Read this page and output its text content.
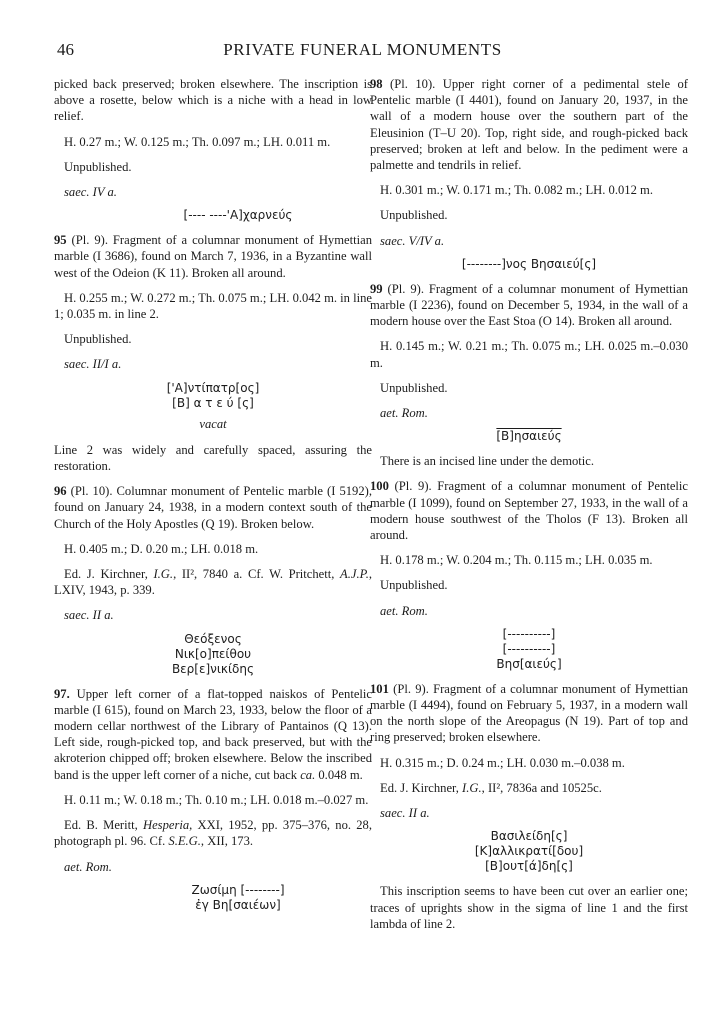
46	PRIVATE FUNERAL MONUMENTS

picked back preserved; broken elsewhere. The inscription is above a rosette, below which is a niche with a head in low relief.

H. 0.27 m.; W. 0.125 m.; Th. 0.097 m.; LH. 0.011 m.

Unpublished.

saec. IV a.
[---- ----'Α]χαρνεύς

95 (Pl. 9). Fragment of a columnar monument of Hymettian marble (I 3686), found on March 7, 1936, in a Byzantine wall west of the Odeion (K 11). Broken all around.

H. 0.255 m.; W. 0.272 m.; Th. 0.075 m.; LH. 0.042 m. in line 1; 0.035 m. in line 2.

Unpublished.

saec. II/I a.
['Α]ντίπατρ[ος]
[Β] α τ ε ύ [ς]
vacat

Line 2 was widely and carefully spaced, assuring the restoration.

96 (Pl. 10). Columnar monument of Pentelic marble (I 5192), found on January 24, 1938, in a modern context south of the Church of the Holy Apostles (Q 19). Broken below.

H. 0.405 m.; D. 0.20 m.; LH. 0.018 m.

Ed. J. Kirchner, I.G., II², 7840 a. Cf. W. Pritchett, A.J.P., LXIV, 1943, p. 339.

saec. II a.
Θεόξενος
Νικ[ο]πείθου
Βερ[ε]νικίδης

97. Upper left corner of a flat-topped naiskos of Pentelic marble (I 615), found on March 23, 1933, below the floor of a modern cellar northwest of the Library of Pantainos (Q 13). Left side, rough-picked top, and back preserved, but with the akroterion chipped off; broken elsewhere. Below the inscribed band is the upper left corner of a niche, cut back ca. 0.048 m.

H. 0.11 m.; W. 0.18 m.; Th. 0.10 m.; LH. 0.018 m.–0.027 m.

Ed. B. Meritt, Hesperia, XXI, 1952, pp. 375–376, no. 28, photograph pl. 96. Cf. S.E.G., XII, 173.

aet. Rom.
Ζωσίμη [--------]
ἐγ Βη[σαιέων]

98 (Pl. 10). Upper right corner of a pedimental stele of Pentelic marble (I 4401), found on January 20, 1937, in the wall of a modern house over the southern part of the Eleusinion (T–U 20). Top, right side, and rough-picked back preserved; broken at left and below. In the pediment were a palmette and tendrils in relief.

H. 0.301 m.; W. 0.171 m.; Th. 0.082 m.; LH. 0.012 m.

Unpublished.

saec. V/IV a.
[--------]νος Βησαιεύ[ς]

99 (Pl. 9). Fragment of a columnar monument of Hymettian marble (I 2236), found on December 5, 1934, in the wall of a modern house over the East Stoa (O 14). Broken all around.

H. 0.145 m.; W. 0.21 m.; Th. 0.075 m.; LH. 0.025 m.–0.030 m.

Unpublished.

aet. Rom.
[Β]ησαιεύς

There is an incised line under the demotic.

100 (Pl. 9). Fragment of a columnar monument of Pentelic marble (I 1099), found on September 27, 1933, in the wall of a modern house southwest of the Tholos (F 13). Broken all around.

H. 0.178 m.; W. 0.204 m.; Th. 0.115 m.; LH. 0.035 m.

Unpublished.

aet. Rom.
[----------]
[----------]
Βησ[αιεύς]

101 (Pl. 9). Fragment of a columnar monument of Hymettian marble (I 4494), found on February 5, 1937, in a modern wall on the north slope of the Areopagus (N 19). Part of top and ring preserved; broken elsewhere.

H. 0.315 m.; D. 0.24 m.; LH. 0.030 m.–0.038 m.

Ed. J. Kirchner, I.G., II², 7836a and 10525c.

saec. II a.
Βασιλείδη[ς]
[Κ]αλλικρατί[δου]
[Β]ουτ[ά]δη[ς]

This inscription seems to have been cut over an earlier one; traces of uprights show in the sigma of line 1 and the first lambda of line 2.
